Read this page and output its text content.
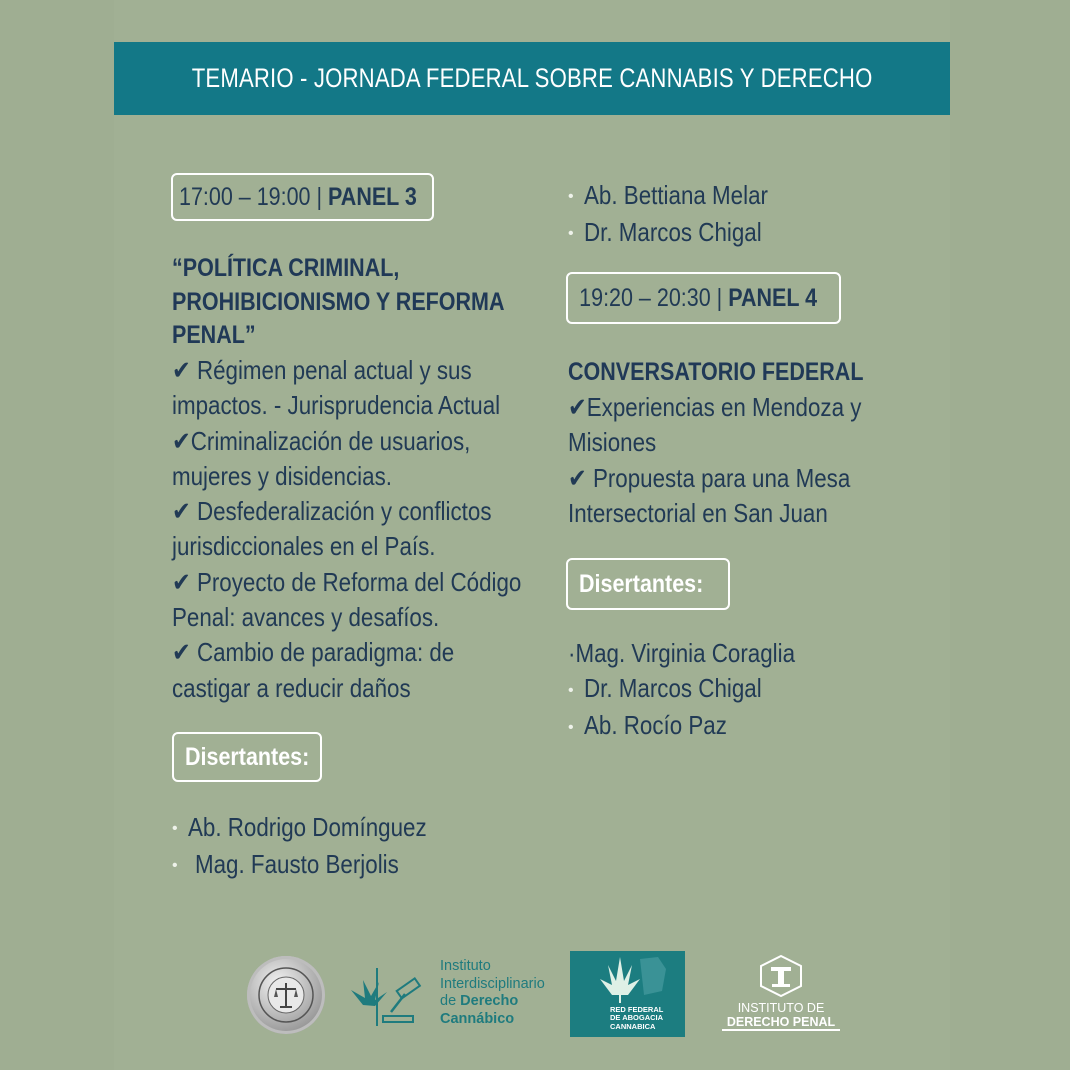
TEMARIO - JORNADA FEDERAL SOBRE CANNABIS Y DERECHO
17:00 – 19:00 | PANEL 3
“POLÍTICA CRIMINAL,
PROHIBICIONISMO Y REFORMA
PENAL”
✔ Régimen penal actual y sus
impactos. - Jurisprudencia Actual
✔Criminalización de usuarios,
mujeres y disidencias.
✔ Desfederalización y conflictos
jurisdiccionales en el País.
✔ Proyecto de Reforma del Código
Penal: avances y desafíos.
✔ Cambio de paradigma: de
castigar a reducir daños
Disertantes:
• Ab. Rodrigo Domínguez
• Mag. Fausto Berjolis
• Ab. Bettiana Melar
• Dr. Marcos Chigal
19:20 – 20:30 | PANEL 4
CONVERSATORIO FEDERAL
✔Experiencias en Mendoza y
Misiones
✔ Propuesta para una Mesa
Intersectorial en San Juan
Disertantes:
·Mag. Virginia Coraglia
• Dr. Marcos Chigal
• Ab. Rocío Paz
Instituto
Interdisciplinario
de Derecho
Cannábico
RED FEDERAL
DE ABOGACIA
CANNABICA
INSTITUTO DE
DERECHO PENAL
